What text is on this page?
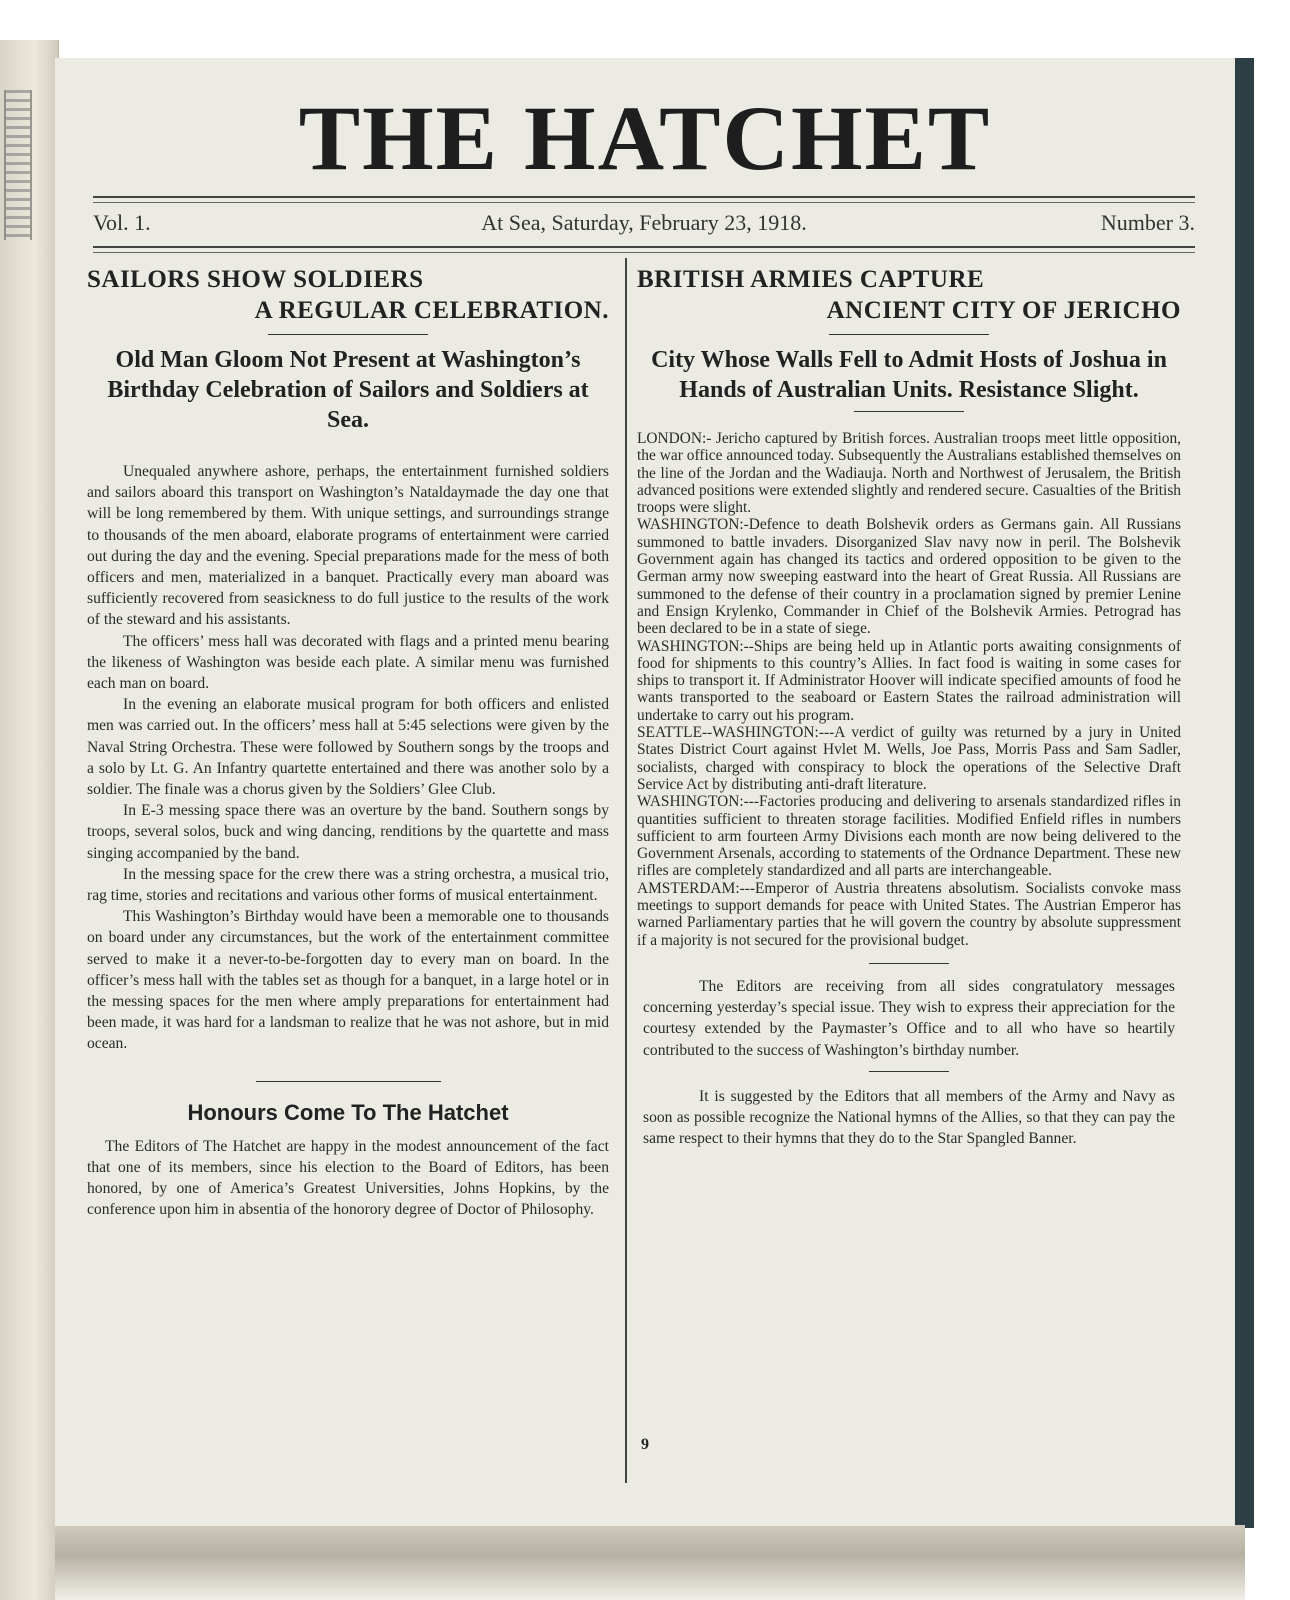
THE HATCHET
Vol. 1.	At Sea, Saturday, February 23, 1918.	Number 3.
SAILORS SHOW SOLDIERS
A REGULAR CELEBRATION.
Old Man Gloom Not Present at Washington’s Birthday Celebration of Sailors and Soldiers at Sea.

Unequaled anywhere ashore, perhaps, the entertainment furnished soldiers and sailors aboard this transport on Washington’s Nataldaymade the day one that will be long remembered by them. With unique settings, and surroundings strange to thousands of the men aboard, elaborate programs of entertainment were carried out during the day and the evening. Special preparations made for the mess of both officers and men, materialized in a banquet. Practically every man aboard was sufficiently recovered from seasickness to do full justice to the results of the work of the steward and his assistants.

The officers’ mess hall was decorated with flags and a printed menu bearing the likeness of Washington was beside each plate. A similar menu was furnished each man on board.

In the evening an elaborate musical program for both officers and enlisted men was carried out. In the officers’ mess hall at 5:45 selections were given by the Naval String Orchestra. These were followed by Southern songs by the troops and a solo by Lt. G. An Infantry quartette entertained and there was another solo by a soldier. The finale was a chorus given by the Soldiers’ Glee Club.

In E-3 messing space there was an overture by the band. Southern songs by troops, several solos, buck and wing dancing, renditions by the quartette and mass singing accompanied by the band.

In the messing space for the crew there was a string orchestra, a musical trio, rag time, stories and recitations and various other forms of musical entertainment.

This Washington’s Birthday would have been a memorable one to thousands on board under any circumstances, but the work of the entertainment committee served to make it a never-to-be-forgotten day to every man on board. In the officer’s mess hall with the tables set as though for a banquet, in a large hotel or in the messing spaces for the men where amply preparations for entertainment had been made, it was hard for a landsman to realize that he was not ashore, but in mid ocean.

Honours Come To The Hatchet

The Editors of The Hatchet are happy in the modest announcement of the fact that one of its members, since his election to the Board of Editors, has been honored, by one of America’s Greatest Universities, Johns Hopkins, by the conference upon him in absentia of the honorory degree of Doctor of Philosophy.

BRITISH ARMIES CAPTURE
ANCIENT CITY OF JERICHO
City Whose Walls Fell to Admit Hosts of Joshua in Hands of Australian Units. Resistance Slight.

LONDON:- Jericho captured by British forces. Australian troops meet little opposition, the war office announced today. Subsequently the Australians established themselves on the line of the Jordan and the Wadiauja. North and Northwest of Jerusalem, the British advanced positions were extended slightly and rendered secure. Casualties of the British troops were slight.

WASHINGTON:-Defence to death Bolshevik orders as Germans gain. All Russians summoned to battle invaders. Disorganized Slav navy now in peril. The Bolshevik Government again has changed its tactics and ordered opposition to be given to the German army now sweeping eastward into the heart of Great Russia. All Russians are summoned to the defense of their country in a proclamation signed by premier Lenine and Ensign Krylenko, Commander in Chief of the Bolshevik Armies. Petrograd has been declared to be in a state of siege.

WASHINGTON:--Ships are being held up in Atlantic ports awaiting consignments of food for shipments to this country’s Allies. In fact food is waiting in some cases for ships to transport it. If Administrator Hoover will indicate specified amounts of food he wants transported to the seaboard or Eastern States the railroad administration will undertake to carry out his program.

SEATTLE--WASHINGTON:---A verdict of guilty was returned by a jury in United States District Court against Hvlet M. Wells, Joe Pass, Morris Pass and Sam Sadler, socialists, charged with conspiracy to block the operations of the Selective Draft Service Act by distributing anti-draft literature.

WASHINGTON:---Factories producing and delivering to arsenals standardized rifles in quantities sufficient to threaten storage facilities. Modified Enfield rifles in numbers sufficient to arm fourteen Army Divisions each month are now being delivered to the Government Arsenals, according to statements of the Ordnance Department. These new rifles are completely standardized and all parts are interchangeable.

AMSTERDAM:---Emperor of Austria threatens absolutism. Socialists convoke mass meetings to support demands for peace with United States. The Austrian Emperor has warned Parliamentary parties that he will govern the country by absolute suppressment if a majority is not secured for the provisional budget.

The Editors are receiving from all sides congratulatory messages concerning yesterday’s special issue. They wish to express their appreciation for the courtesy extended by the Paymaster’s Office and to all who have so heartily contributed to the success of Washington’s birthday number.

It is suggested by the Editors that all members of the Army and Navy as soon as possible recognize the National hymns of the Allies, so that they can pay the same respect to their hymns that they do to the Star Spangled Banner.

9
